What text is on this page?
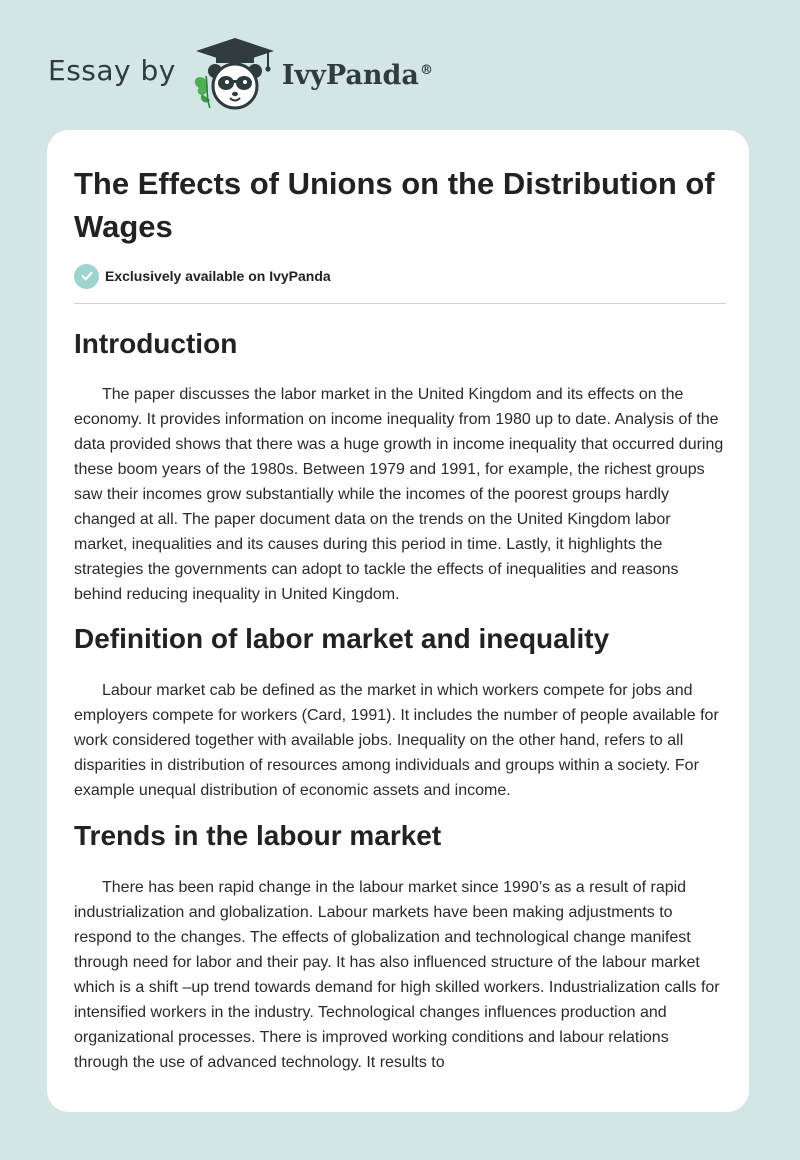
Essay by	IvyPanda®
The Effects of Unions on the Distribution of Wages
Exclusively available on IvyPanda
Introduction

The paper discusses the labor market in the United Kingdom and its effects on the economy. It provides information on income inequality from 1980 up to date. Analysis of the data provided shows that there was a huge growth in income inequality that occurred during these boom years of the 1980s. Between 1979 and 1991, for example, the richest groups saw their incomes grow substantially while the incomes of the poorest groups hardly changed at all. The paper document data on the trends on the United Kingdom labor market, inequalities and its causes during this period in time. Lastly, it highlights the strategies the governments can adopt to tackle the effects of inequalities and reasons behind reducing inequality in United Kingdom.

Definition of labor market and inequality

Labour market cab be defined as the market in which workers compete for jobs and employers compete for workers (Card, 1991). It includes the number of people available for work considered together with available jobs. Inequality on the other hand, refers to all disparities in distribution of resources among individuals and groups within a society. For example unequal distribution of economic assets and income.

Trends in the labour market

There has been rapid change in the labour market since 1990’s as a result of rapid industrialization and globalization. Labour markets have been making adjustments to respond to the changes. The effects of globalization and technological change manifest through need for labor and their pay. It has also influenced structure of the labour market which is a shift –up trend towards demand for high skilled workers. Industrialization calls for intensified workers in the industry. Technological changes influences production and organizational processes. There is improved working conditions and labour relations through the use of advanced technology. It results to
